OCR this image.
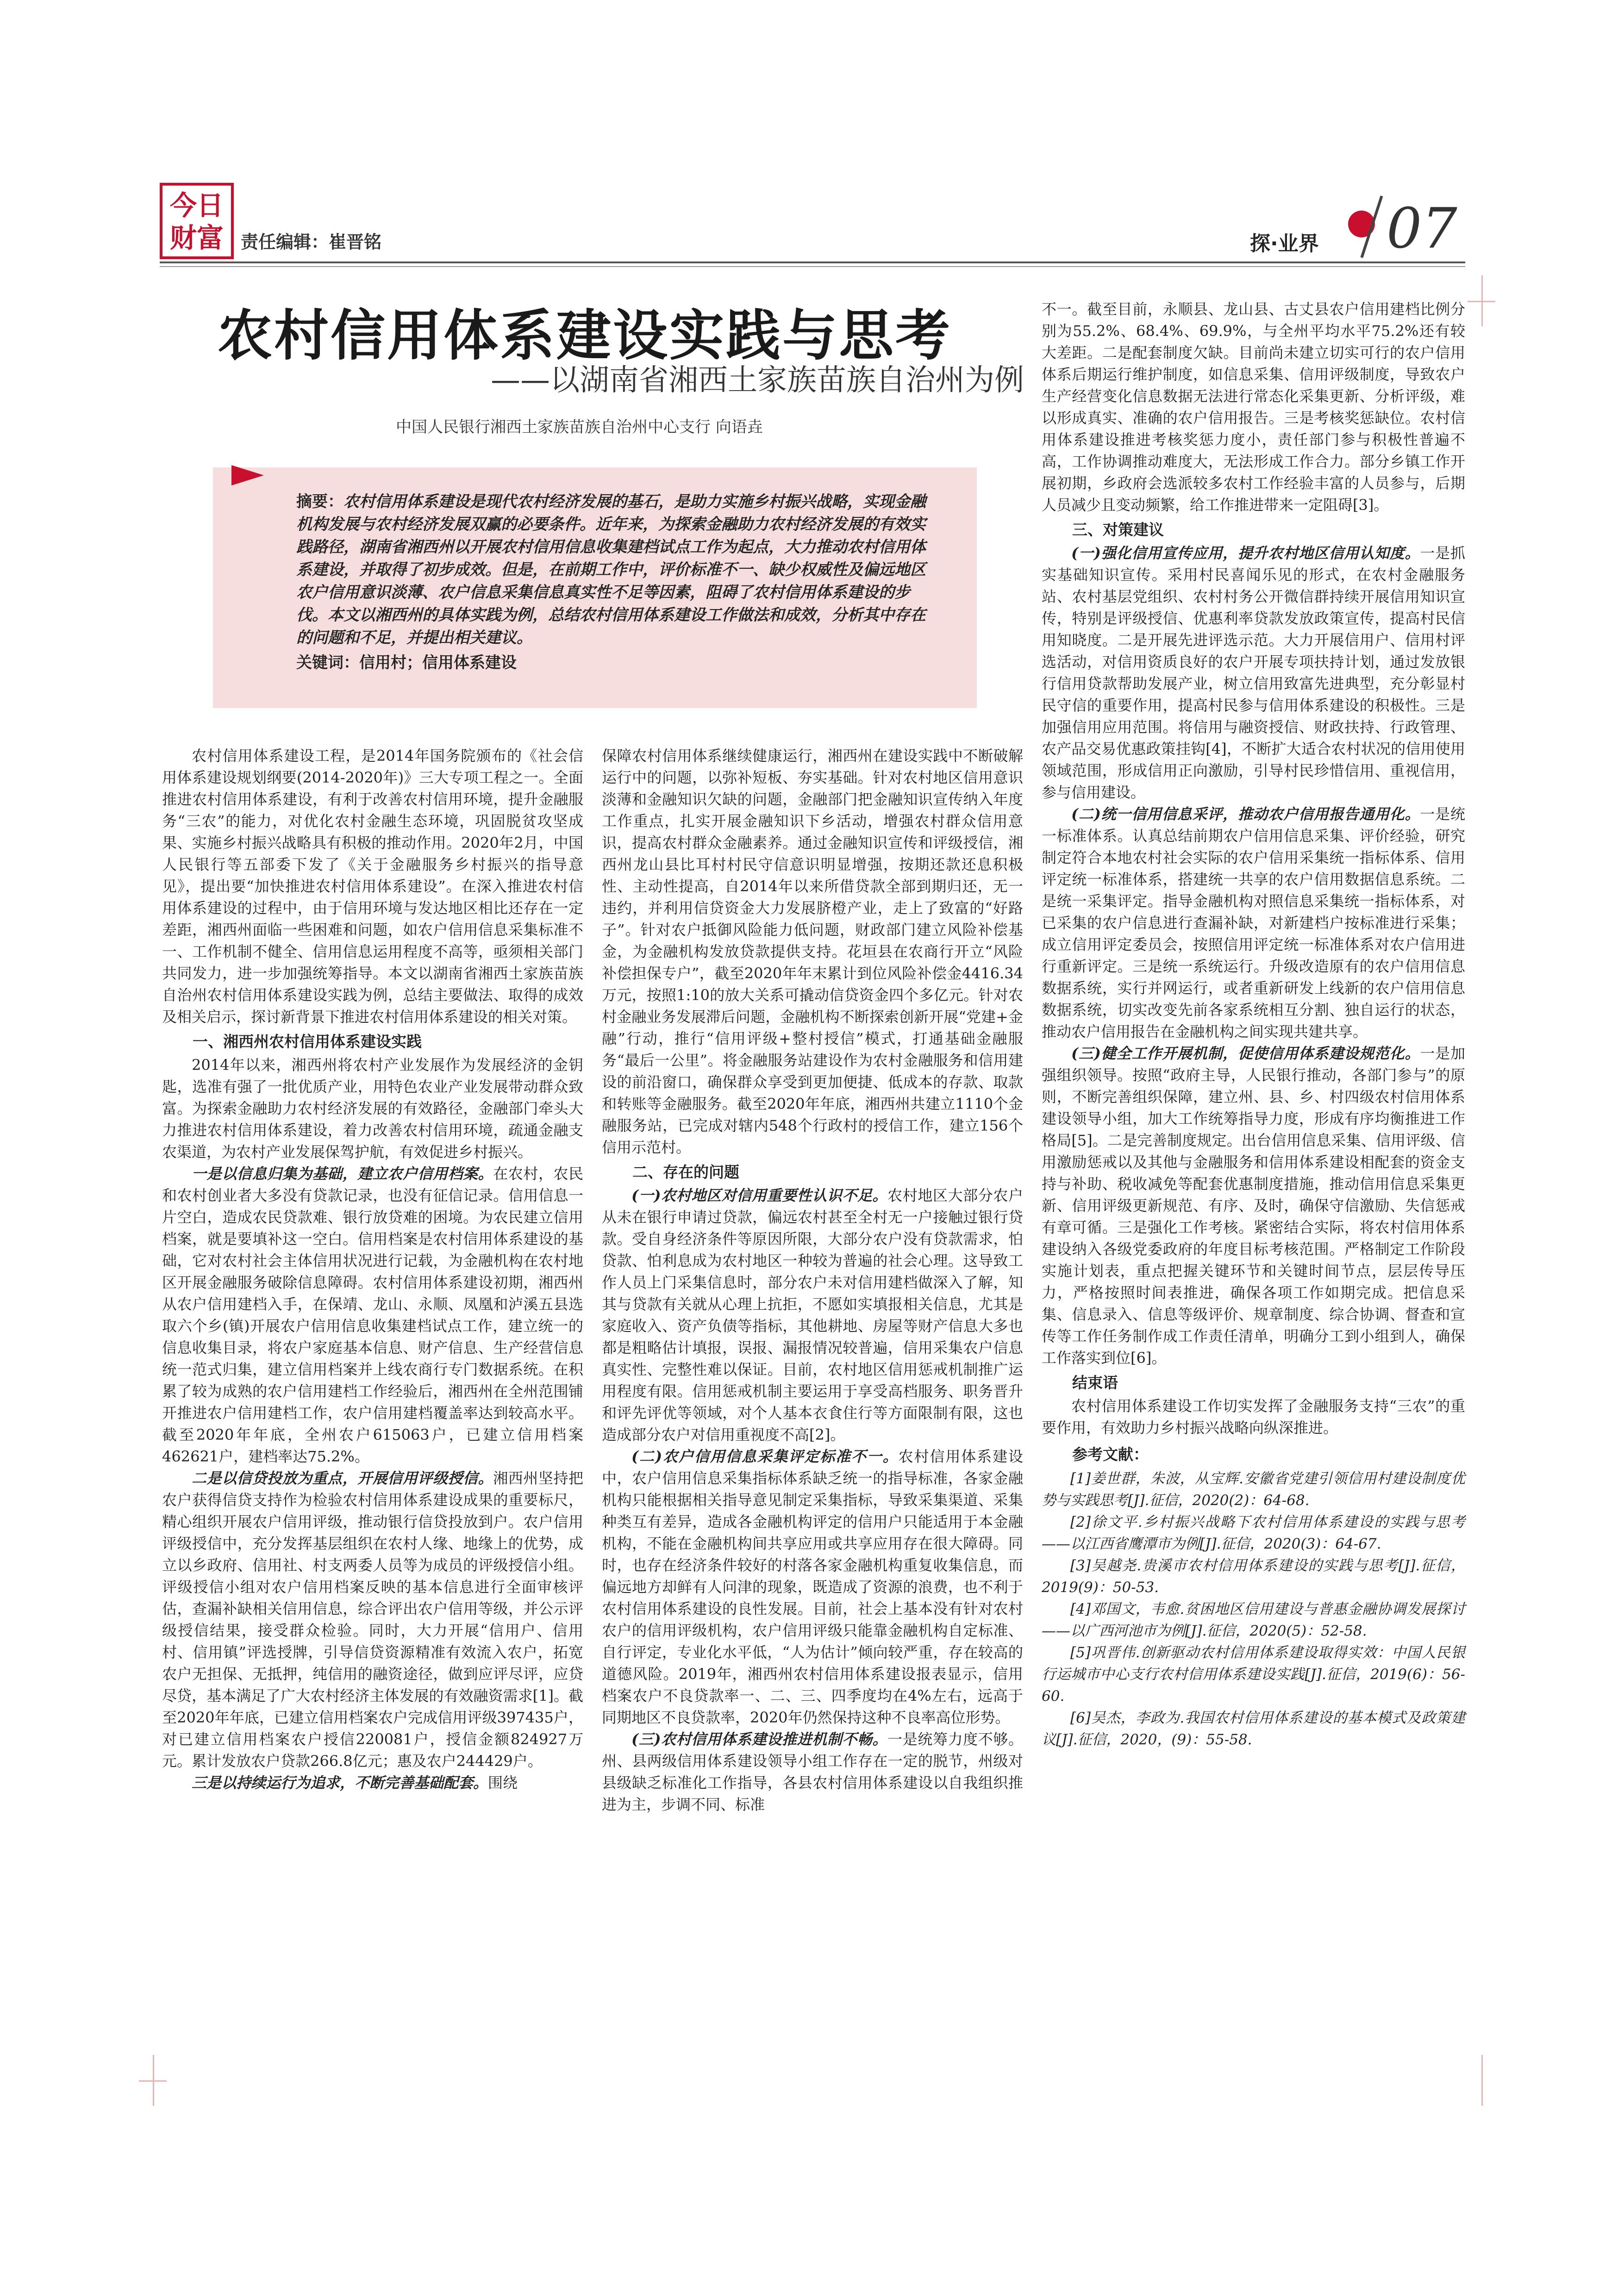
今日
财富 责任编辑：崔晋铭	探·业界 07
农村信用体系建设实践与思考
——以湖南省湘西土家族苗族自治州为例
中国人民银行湘西土家族苗族自治州中心支行 向语垚
摘要：农村信用体系建设是现代农村经济发展的基石，是助力实施乡村振兴战略，实现金融机构发展与农村经济发展双赢的必要条件。近年来，为探索金融助力农村经济发展的有效实践路径，湖南省湘西州以开展农村信用信息收集建档试点工作为起点，大力推动农村信用体系建设，并取得了初步成效。但是，在前期工作中，评价标准不一、缺少权威性及偏远地区农户信用意识淡薄、农户信息采集信息真实性不足等因素，阻碍了农村信用体系建设的步伐。本文以湘西州的具体实践为例，总结农村信用体系建设工作做法和成效，分析其中存在的问题和不足，并提出相关建议。
关键词：信用村；信用体系建设

农村信用体系建设工程，是2014年国务院颁布的《社会信用体系建设规划纲要(2014-2020年)》三大专项工程之一。全面推进农村信用体系建设，有利于改善农村信用环境，提升金融服务“三农”的能力，对优化农村金融生态环境，巩固脱贫攻坚成果、实施乡村振兴战略具有积极的推动作用。2020年2月，中国人民银行等五部委下发了《关于金融服务乡村振兴的指导意见》，提出要“加快推进农村信用体系建设”。在深入推进农村信用体系建设的过程中，由于信用环境与发达地区相比还存在一定差距，湘西州面临一些困难和问题，如农户信用信息采集标准不一、工作机制不健全、信用信息运用程度不高等，亟须相关部门共同发力，进一步加强统筹指导。本文以湖南省湘西土家族苗族自治州农村信用体系建设实践为例，总结主要做法、取得的成效及相关启示，探讨新背景下推进农村信用体系建设的相关对策。

一、湘西州农村信用体系建设实践

2014年以来，湘西州将农村产业发展作为发展经济的金钥匙，选准有强了一批优质产业，用特色农业产业发展带动群众致富。为探索金融助力农村经济发展的有效路径，金融部门牵头大力推进农村信用体系建设，着力改善农村信用环境，疏通金融支农渠道，为农村产业发展保驾护航，有效促进乡村振兴。

一是以信息归集为基础，建立农户信用档案。在农村，农民和农村创业者大多没有贷款记录，也没有征信记录。信用信息一片空白，造成农民贷款难、银行放贷难的困境。为农民建立信用档案，就是要填补这一空白。信用档案是农村信用体系建设的基础，它对农村社会主体信用状况进行记载，为金融机构在农村地区开展金融服务破除信息障碍。农村信用体系建设初期，湘西州从农户信用建档入手，在保靖、龙山、永顺、凤凰和泸溪五县选取六个乡(镇)开展农户信用信息收集建档试点工作，建立统一的信息收集目录，将农户家庭基本信息、财产信息、生产经营信息统一范式归集，建立信用档案并上线农商行专门数据系统。在积累了较为成熟的农户信用建档工作经验后，湘西州在全州范围铺开推进农户信用建档工作，农户信用建档覆盖率达到较高水平。截至2020年年底，全州农户615063户，已建立信用档案462621户，建档率达75.2%。

二是以信贷投放为重点，开展信用评级授信。湘西州坚持把农户获得信贷支持作为检验农村信用体系建设成果的重要标尺，精心组织开展农户信用评级，推动银行信贷投放到户。农户信用评级授信中，充分发挥基层组织在农村人缘、地缘上的优势，成立以乡政府、信用社、村支两委人员等为成员的评级授信小组。评级授信小组对农户信用档案反映的基本信息进行全面审核评估，查漏补缺相关信用信息，综合评出农户信用等级，并公示评级授信结果，接受群众检验。同时，大力开展“信用户、信用村、信用镇”评选授牌，引导信贷资源精准有效流入农户，拓宽农户无担保、无抵押，纯信用的融资途径，做到应评尽评，应贷尽贷，基本满足了广大农村经济主体发展的有效融资需求[1]。截至2020年年底，已建立信用档案农户完成信用评级397435户，对已建立信用档案农户授信220081户，授信金额824927万元。累计发放农户贷款266.8亿元；惠及农户244429户。

三是以持续运行为追求，不断完善基础配套。围绕

保障农村信用体系继续健康运行，湘西州在建设实践中不断破解运行中的问题，以弥补短板、夯实基础。针对农村地区信用意识淡薄和金融知识欠缺的问题，金融部门把金融知识宣传纳入年度工作重点，扎实开展金融知识下乡活动，增强农村群众信用意识，提高农村群众金融素养。通过金融知识宣传和评级授信，湘西州龙山县比耳村村民守信意识明显增强，按期还款还息积极性、主动性提高，自2014年以来所借贷款全部到期归还，无一违约，并利用信贷资金大力发展脐橙产业，走上了致富的“好路子”。针对农户抵御风险能力低问题，财政部门建立风险补偿基金，为金融机构发放贷款提供支持。花垣县在农商行开立“风险补偿担保专户”，截至2020年年末累计到位风险补偿金4416.34万元，按照1:10的放大关系可撬动信贷资金四个多亿元。针对农村金融业务发展滞后问题，金融机构不断探索创新开展“党建+金融”行动，推行“信用评级+整村授信”模式，打通基础金融服务“最后一公里”。将金融服务站建设作为农村金融服务和信用建设的前沿窗口，确保群众享受到更加便捷、低成本的存款、取款和转账等金融服务。截至2020年年底，湘西州共建立1110个金融服务站，已完成对辖内548个行政村的授信工作，建立156个信用示范村。

二、存在的问题

(一)农村地区对信用重要性认识不足。农村地区大部分农户从未在银行申请过贷款，偏远农村甚至全村无一户接触过银行贷款。受自身经济条件等原因所限，大部分农户没有贷款需求，怕贷款、怕利息成为农村地区一种较为普遍的社会心理。这导致工作人员上门采集信息时，部分农户未对信用建档做深入了解，知其与贷款有关就从心理上抗拒，不愿如实填报相关信息，尤其是家庭收入、资产负债等指标，其他耕地、房屋等财产信息大多也都是粗略估计填报，误报、漏报情况较普遍，信用采集农户信息真实性、完整性难以保证。目前，农村地区信用惩戒机制推广运用程度有限。信用惩戒机制主要运用于享受高档服务、职务晋升和评先评优等领域，对个人基本衣食住行等方面限制有限，这也造成部分农户对信用重视度不高[2]。

(二)农户信用信息采集评定标准不一。农村信用体系建设中，农户信用信息采集指标体系缺乏统一的指导标准，各家金融机构只能根据相关指导意见制定采集指标，导致采集渠道、采集种类互有差异，造成各金融机构评定的信用户只能适用于本金融机构，不能在金融机构间共享应用或共享应用存在很大障碍。同时，也存在经济条件较好的村落各家金融机构重复收集信息，而偏远地方却鲜有人问津的现象，既造成了资源的浪费，也不利于农村信用体系建设的良性发展。目前，社会上基本没有针对农村农户的信用评级机构，农户信用评级只能靠金融机构自定标准、自行评定，专业化水平低，“人为估计”倾向较严重，存在较高的道德风险。2019年，湘西州农村信用体系建设报表显示，信用档案农户不良贷款率一、二、三、四季度均在4%左右，远高于同期地区不良贷款率，2020年仍然保持这种不良率高位形势。

(三)农村信用体系建设推进机制不畅。一是统筹力度不够。州、县两级信用体系建设领导小组工作存在一定的脱节，州级对县级缺乏标准化工作指导，各县农村信用体系建设以自我组织推进为主，步调不同、标准

不一。截至目前，永顺县、龙山县、古丈县农户信用建档比例分别为55.2%、68.4%、69.9%，与全州平均水平75.2%还有较大差距。二是配套制度欠缺。目前尚未建立切实可行的农户信用体系后期运行维护制度，如信息采集、信用评级制度，导致农户生产经营变化信息数据无法进行常态化采集更新、分析评级，难以形成真实、准确的农户信用报告。三是考核奖惩缺位。农村信用体系建设推进考核奖惩力度小，责任部门参与积极性普遍不高，工作协调推动难度大，无法形成工作合力。部分乡镇工作开展初期，乡政府会选派较多农村工作经验丰富的人员参与，后期人员减少且变动频繁，给工作推进带来一定阻碍[3]。

三、对策建议

(一)强化信用宣传应用，提升农村地区信用认知度。一是抓实基础知识宣传。采用村民喜闻乐见的形式，在农村金融服务站、农村基层党组织、农村村务公开微信群持续开展信用知识宣传，特别是评级授信、优惠利率贷款发放政策宣传，提高村民信用知晓度。二是开展先进评选示范。大力开展信用户、信用村评选活动，对信用资质良好的农户开展专项扶持计划，通过发放银行信用贷款帮助发展产业，树立信用致富先进典型，充分彰显村民守信的重要作用，提高村民参与信用体系建设的积极性。三是加强信用应用范围。将信用与融资授信、财政扶持、行政管理、农产品交易优惠政策挂钩[4]，不断扩大适合农村状况的信用使用领域范围，形成信用正向激励，引导村民珍惜信用、重视信用，参与信用建设。

(二)统一信用信息采评，推动农户信用报告通用化。一是统一标准体系。认真总结前期农户信用信息采集、评价经验，研究制定符合本地农村社会实际的农户信用采集统一指标体系、信用评定统一标准体系，搭建统一共享的农户信用数据信息系统。二是统一采集评定。指导金融机构对照信息采集统一指标体系，对已采集的农户信息进行查漏补缺，对新建档户按标准进行采集；成立信用评定委员会，按照信用评定统一标准体系对农户信用进行重新评定。三是统一系统运行。升级改造原有的农户信用信息数据系统，实行并网运行，或者重新研发上线新的农户信用信息数据系统，切实改变先前各家系统相互分割、独自运行的状态，推动农户信用报告在金融机构之间实现共建共享。

(三)健全工作开展机制，促使信用体系建设规范化。一是加强组织领导。按照“政府主导，人民银行推动，各部门参与”的原则，不断完善组织保障，建立州、县、乡、村四级农村信用体系建设领导小组，加大工作统筹指导力度，形成有序均衡推进工作格局[5]。二是完善制度规定。出台信用信息采集、信用评级、信用激励惩戒以及其他与金融服务和信用体系建设相配套的资金支持与补助、税收减免等配套优惠制度措施，推动信用信息采集更新、信用评级更新规范、有序、及时，确保守信激励、失信惩戒有章可循。三是强化工作考核。紧密结合实际，将农村信用体系建设纳入各级党委政府的年度目标考核范围。严格制定工作阶段实施计划表，重点把握关键环节和关键时间节点，层层传导压力，严格按照时间表推进，确保各项工作如期完成。把信息采集、信息录入、信息等级评价、规章制度、综合协调、督查和宣传等工作任务制作成工作责任清单，明确分工到小组到人，确保工作落实到位[6]。

结束语

农村信用体系建设工作切实发挥了金融服务支持“三农”的重要作用，有效助力乡村振兴战略向纵深推进。

参考文献：

[1]姜世群，朱波，从宝辉.安徽省党建引领信用村建设制度优势与实践思考[J].征信，2020(2)：64-68.

[2]徐文平.乡村振兴战略下农村信用体系建设的实践与思考——以江西省鹰潭市为例[J].征信，2020(3)：64-67.

[3]吴越尧.贵溪市农村信用体系建设的实践与思考[J].征信，2019(9)：50-53.

[4]邓国文，韦愈.贫困地区信用建设与普惠金融协调发展探讨——以广西河池市为例[J].征信，2020(5)：52-58.

[5]巩晋伟.创新驱动农村信用体系建设取得实效：中国人民银行运城市中心支行农村信用体系建设实践[J].征信，2019(6)：56-60.

[6]吴杰，李政为.我国农村信用体系建设的基本模式及政策建议[J].征信，2020，(9)：55-58.
